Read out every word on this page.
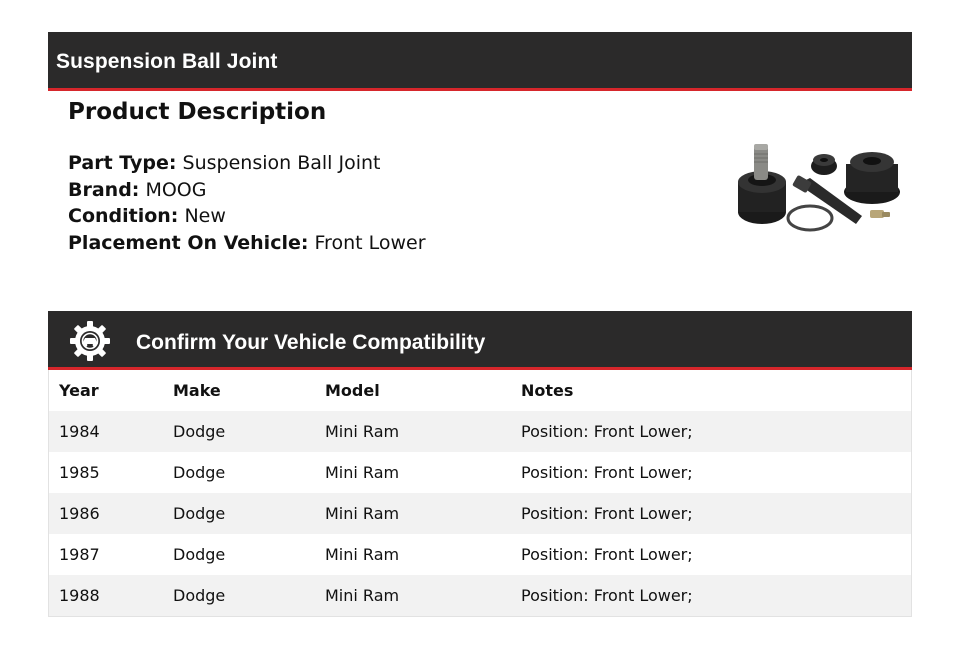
Suspension Ball Joint
Product Description
Part Type: Suspension Ball Joint
Brand: MOOG
Condition: New
Placement On Vehicle: Front Lower
Confirm Your Vehicle Compatibility
Year	Make	Model	Notes
1984	Dodge	Mini Ram	Position: Front Lower;
1985	Dodge	Mini Ram	Position: Front Lower;
1986	Dodge	Mini Ram	Position: Front Lower;
1987	Dodge	Mini Ram	Position: Front Lower;
1988	Dodge	Mini Ram	Position: Front Lower;
